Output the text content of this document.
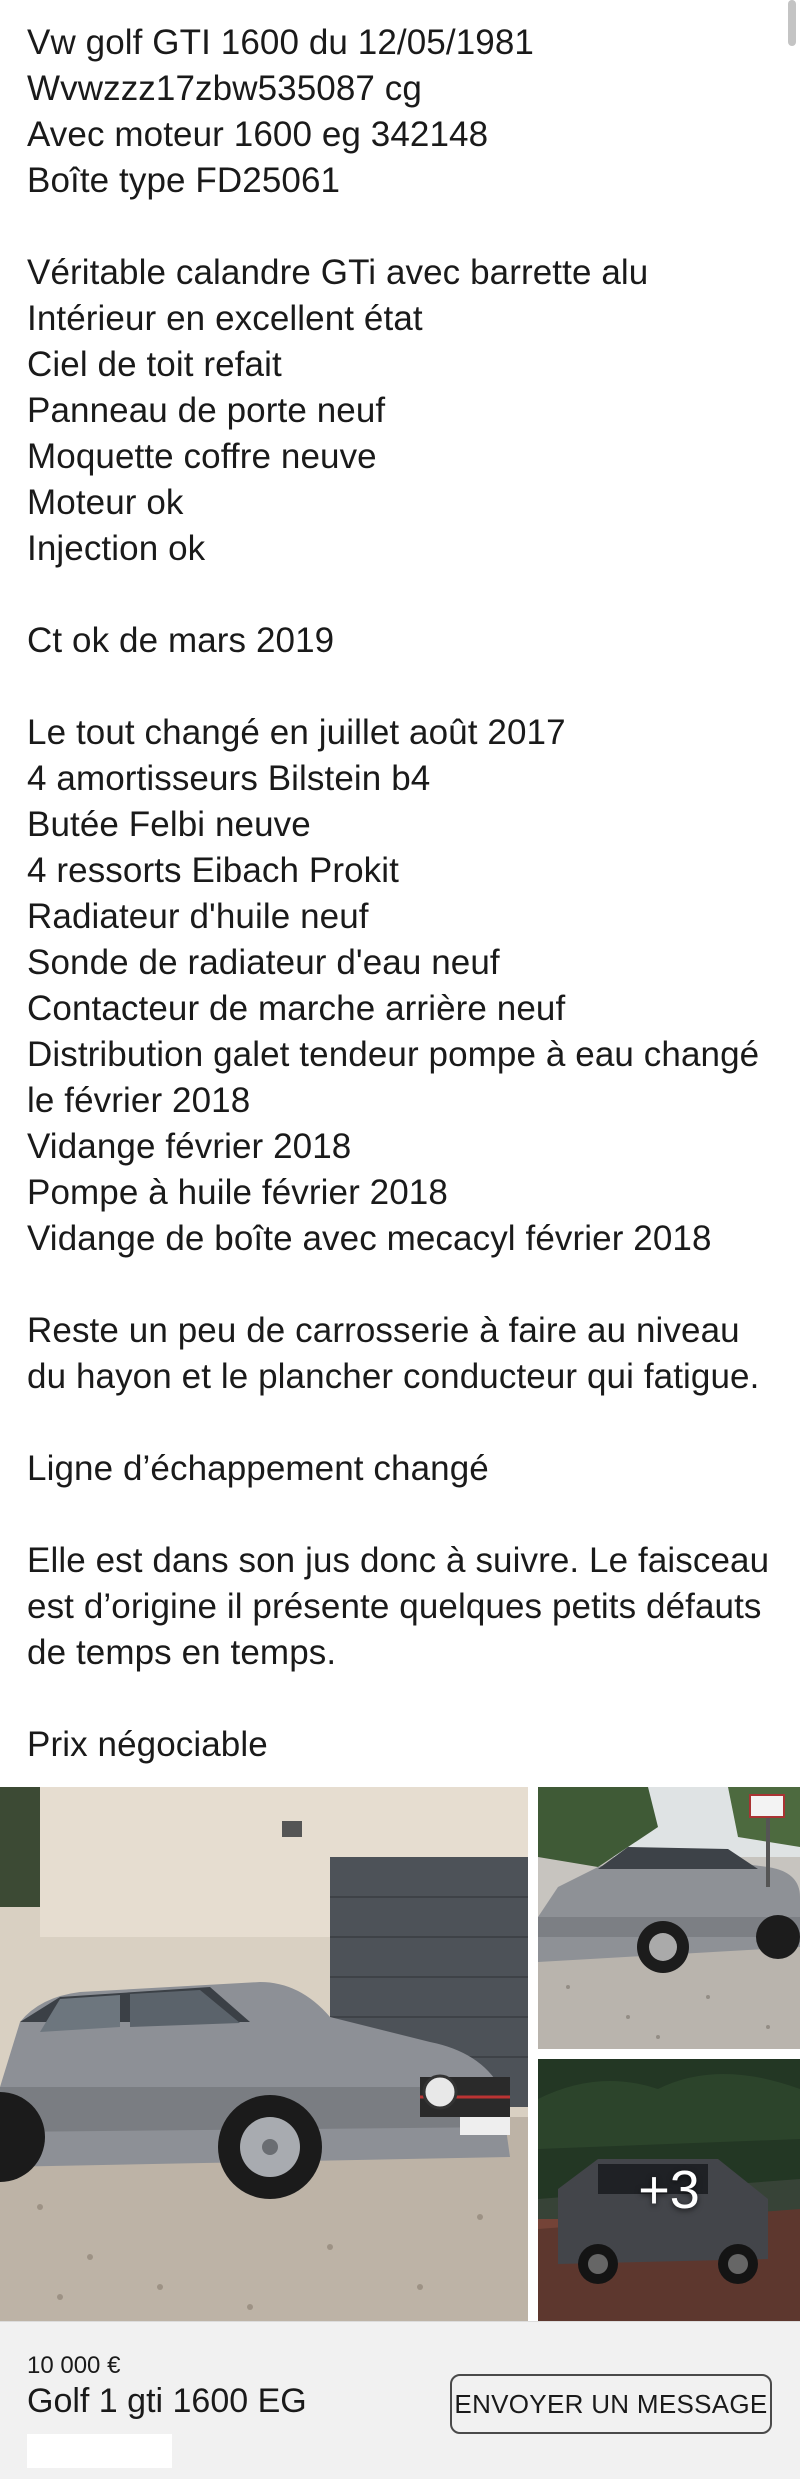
Vw golf GTI 1600 du 12/05/1981
Wvwzzz17zbw535087 cg
Avec moteur 1600 eg 342148
Boîte type FD25061
Véritable calandre GTi avec barrette alu
Intérieur en excellent état
Ciel de toit refait
Panneau de porte neuf
Moquette coffre neuve
Moteur ok
Injection ok
Ct ok de mars 2019
Le tout changé en juillet août 2017
4 amortisseurs Bilstein b4
Butée Felbi neuve
4 ressorts Eibach Prokit
Radiateur d'huile neuf
Sonde de radiateur d'eau neuf
Contacteur de marche arrière neuf
Distribution galet tendeur pompe à eau changé
le février 2018
Vidange février 2018
Pompe à huile février 2018
Vidange de boîte avec mecacyl février 2018
Reste un peu de carrosserie à faire au niveau
du hayon et le plancher conducteur qui fatigue.
Ligne d’échappement changé
Elle est dans son jus donc à suivre. Le faisceau
est d’origine il présente quelques petits défauts
de temps en temps.
Prix négociable
+3
10 000 €
Golf 1 gti 1600 EG	ENVOYER UN MESSAGE
